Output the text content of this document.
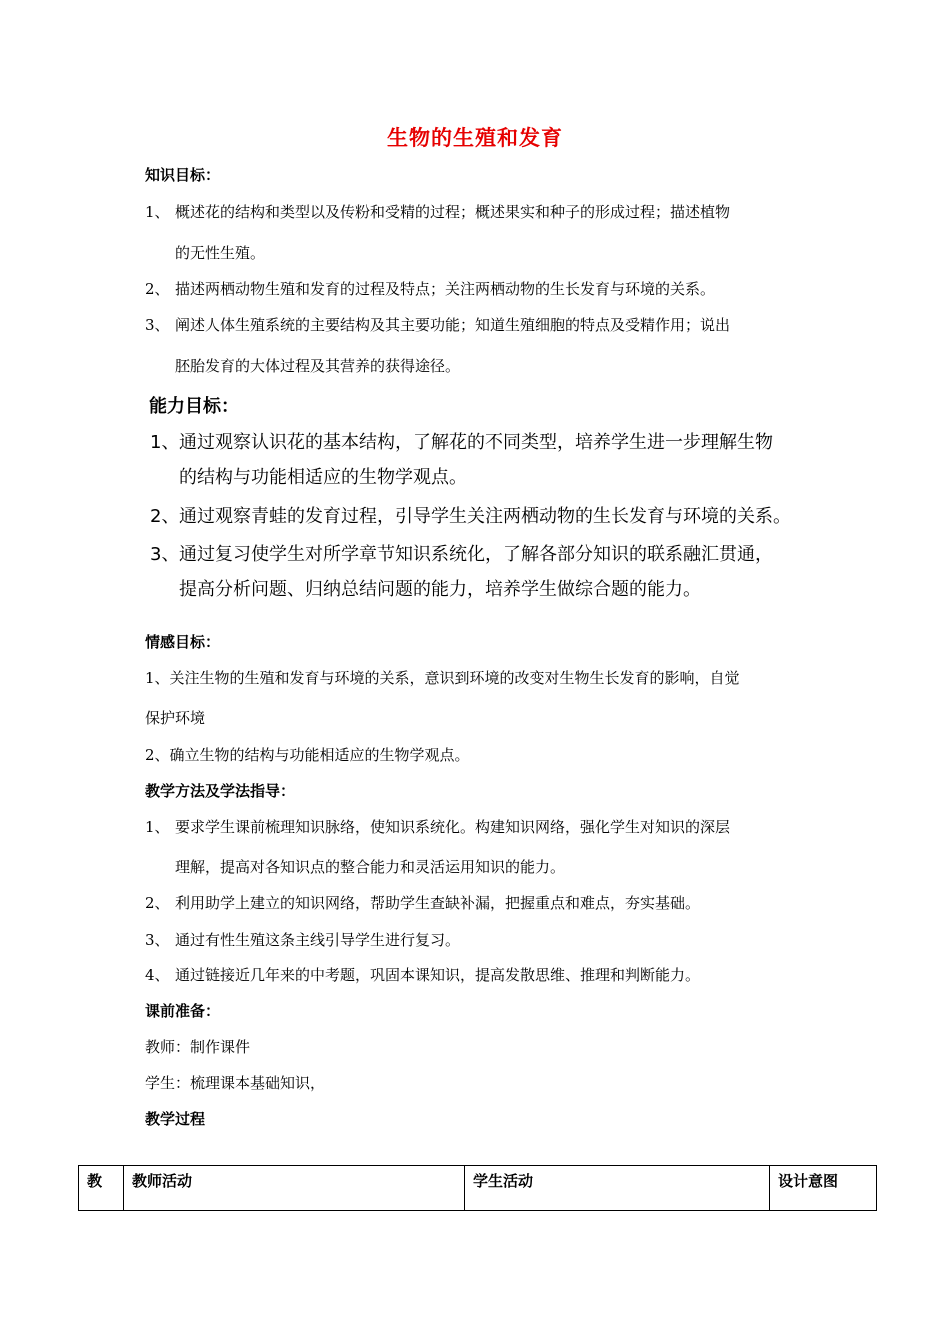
生物的生殖和发育
知识目标：
1、 概述花的结构和类型以及传粉和受精的过程；概述果实和种子的形成过程；描述植物
的无性生殖。
2、 描述两栖动物生殖和发育的过程及特点；关注两栖动物的生长发育与环境的关系。
3、 阐述人体生殖系统的主要结构及其主要功能；知道生殖细胞的特点及受精作用；说出
胚胎发育的大体过程及其营养的获得途径。
能力目标：
1、 通过观察认识花的基本结构，了解花的不同类型，培养学生进一步理解生物
的结构与功能相适应的生物学观点。
2、 通过观察青蛙的发育过程，引导学生关注两栖动物的生长发育与环境的关系。
3、 通过复习使学生对所学章节知识系统化，了解各部分知识的联系融汇贯通，
提高分析问题、归纳总结问题的能力，培养学生做综合题的能力。
情感目标：
1、关注生物的生殖和发育与环境的关系，意识到环境的改变对生物生长发育的影响，自觉
保护环境
2、确立生物的结构与功能相适应的生物学观点。
教学方法及学法指导：
1、 要求学生课前梳理知识脉络，使知识系统化。构建知识网络，强化学生对知识的深层
理解，提高对各知识点的整合能力和灵活运用知识的能力。
2、 利用助学上建立的知识网络，帮助学生查缺补漏，把握重点和难点，夯实基础。
3、 通过有性生殖这条主线引导学生进行复习。
4、 通过链接近几年来的中考题，巩固本课知识，提高发散思维、推理和判断能力。
课前准备：
教师：制作课件
学生：梳理课本基础知识，
教学过程
教	教师活动	学生活动	设计意图
